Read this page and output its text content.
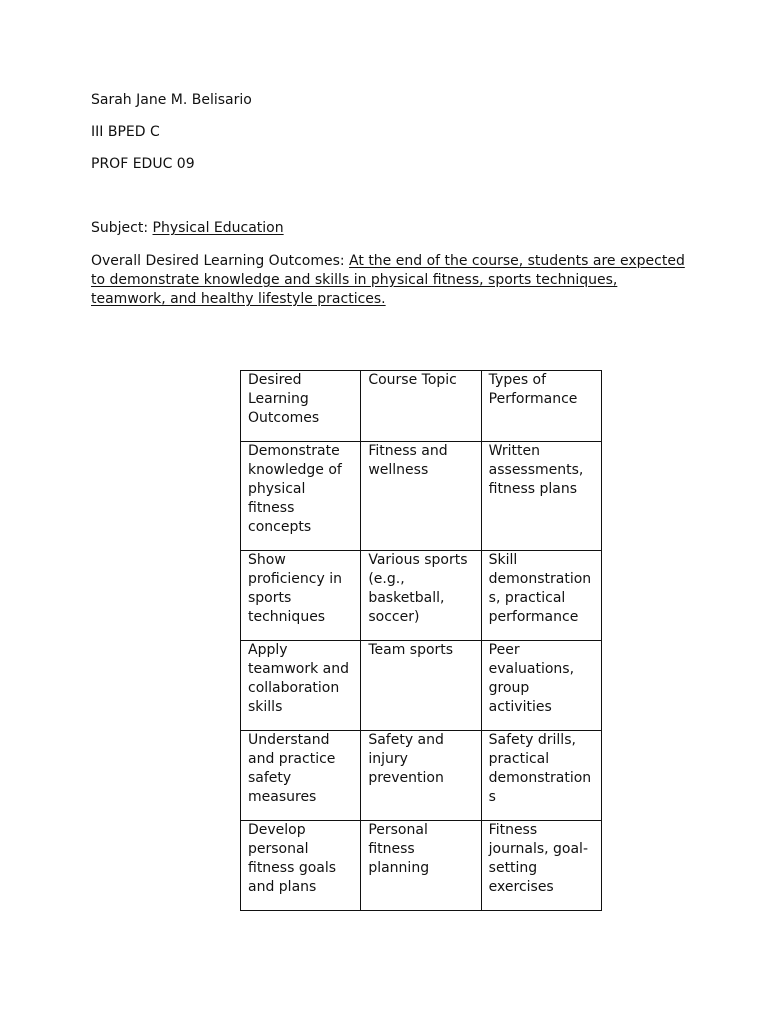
Sarah Jane M. Belisario
III BPED C
PROF EDUC 09
Subject: Physical Education
Overall Desired Learning Outcomes: At the end of the course, students are expected to demonstrate knowledge and skills in physical fitness, sports techniques, teamwork, and healthy lifestyle practices.
Desired Learning Outcomes	Course Topic	Types of Performance
Demonstrate knowledge of physical fitness concepts	Fitness and wellness	Written assessments, fitness plans
Show proficiency in sports techniques	Various sports (e.g., basketball, soccer)	Skill demonstrations, practical performance
Apply teamwork and collaboration skills	Team sports	Peer evaluations, group activities
Understand and practice safety measures	Safety and injury prevention	Safety drills, practical demonstrations
Develop personal fitness goals and plans	Personal fitness planning	Fitness journals, goal-setting exercises
